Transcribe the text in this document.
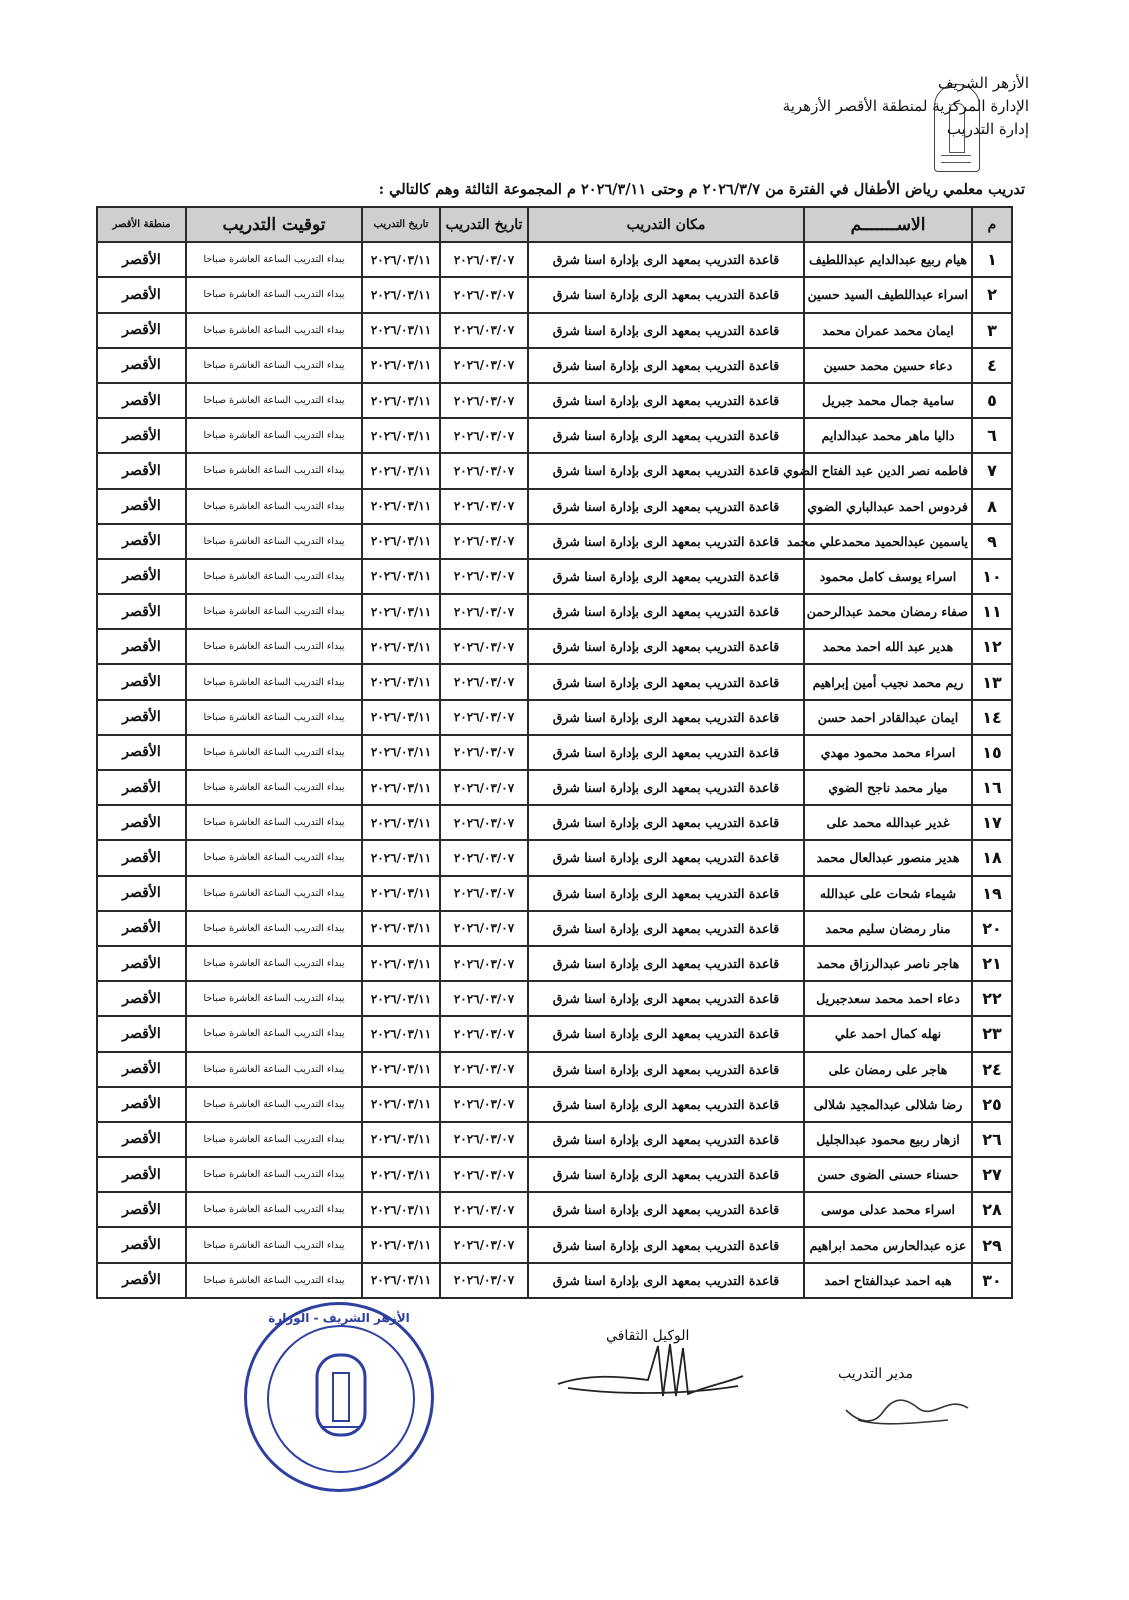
الأزهر الشريف
الإدارة المركزية لمنطقة الأقصر الأزهرية
إدارة التدريب
تدريب معلمي رياض الأطفال في الفترة من ٢٠٢٦/٣/٧ م وحتى ٢٠٢٦/٣/١١ م المجموعة الثالثة وهم كالتالي :
م	الاســـــــم	مكان التدريب	تاريخ التدريب	تاريخ التدريب	توقيت التدريب	منطقة الأقصر
١	هيام ربيع عبدالدايم عبداللطيف	قاعدة التدريب بمعهد الرى بإدارة اسنا شرق	٢٠٢٦/٠٣/٠٧	٢٠٢٦/٠٣/١١	يبداء التدريب الساعة العاشرة صباحا	الأقصر
٢	اسراء عبداللطيف السيد حسين	قاعدة التدريب بمعهد الرى بإدارة اسنا شرق	٢٠٢٦/٠٣/٠٧	٢٠٢٦/٠٣/١١	يبداء التدريب الساعة العاشرة صباحا	الأقصر
٣	ايمان محمد عمران محمد	قاعدة التدريب بمعهد الرى بإدارة اسنا شرق	٢٠٢٦/٠٣/٠٧	٢٠٢٦/٠٣/١١	يبداء التدريب الساعة العاشرة صباحا	الأقصر
٤	دعاء حسين محمد حسين	قاعدة التدريب بمعهد الرى بإدارة اسنا شرق	٢٠٢٦/٠٣/٠٧	٢٠٢٦/٠٣/١١	يبداء التدريب الساعة العاشرة صباحا	الأقصر
٥	سامية جمال محمد جبريل	قاعدة التدريب بمعهد الرى بإدارة اسنا شرق	٢٠٢٦/٠٣/٠٧	٢٠٢٦/٠٣/١١	يبداء التدريب الساعة العاشرة صباحا	الأقصر
٦	داليا ماهر محمد عبدالدايم	قاعدة التدريب بمعهد الرى بإدارة اسنا شرق	٢٠٢٦/٠٣/٠٧	٢٠٢٦/٠٣/١١	يبداء التدريب الساعة العاشرة صباحا	الأقصر
٧	فاطمه نصر الدين عبد الفتاح الضوي	قاعدة التدريب بمعهد الرى بإدارة اسنا شرق	٢٠٢٦/٠٣/٠٧	٢٠٢٦/٠٣/١١	يبداء التدريب الساعة العاشرة صباحا	الأقصر
٨	فردوس احمد عبدالباري الضوي	قاعدة التدريب بمعهد الرى بإدارة اسنا شرق	٢٠٢٦/٠٣/٠٧	٢٠٢٦/٠٣/١١	يبداء التدريب الساعة العاشرة صباحا	الأقصر
٩	ياسمين عبدالحميد محمدعلي محمد	قاعدة التدريب بمعهد الرى بإدارة اسنا شرق	٢٠٢٦/٠٣/٠٧	٢٠٢٦/٠٣/١١	يبداء التدريب الساعة العاشرة صباحا	الأقصر
١٠	اسراء يوسف كامل محمود	قاعدة التدريب بمعهد الرى بإدارة اسنا شرق	٢٠٢٦/٠٣/٠٧	٢٠٢٦/٠٣/١١	يبداء التدريب الساعة العاشرة صباحا	الأقصر
١١	صفاء رمضان محمد عبدالرحمن	قاعدة التدريب بمعهد الرى بإدارة اسنا شرق	٢٠٢٦/٠٣/٠٧	٢٠٢٦/٠٣/١١	يبداء التدريب الساعة العاشرة صباحا	الأقصر
١٢	هدير عبد الله احمد محمد	قاعدة التدريب بمعهد الرى بإدارة اسنا شرق	٢٠٢٦/٠٣/٠٧	٢٠٢٦/٠٣/١١	يبداء التدريب الساعة العاشرة صباحا	الأقصر
١٣	ريم محمد نجيب أمين إبراهيم	قاعدة التدريب بمعهد الرى بإدارة اسنا شرق	٢٠٢٦/٠٣/٠٧	٢٠٢٦/٠٣/١١	يبداء التدريب الساعة العاشرة صباحا	الأقصر
١٤	ايمان عبدالقادر احمد حسن	قاعدة التدريب بمعهد الرى بإدارة اسنا شرق	٢٠٢٦/٠٣/٠٧	٢٠٢٦/٠٣/١١	يبداء التدريب الساعة العاشرة صباحا	الأقصر
١٥	اسراء محمد محمود مهدي	قاعدة التدريب بمعهد الرى بإدارة اسنا شرق	٢٠٢٦/٠٣/٠٧	٢٠٢٦/٠٣/١١	يبداء التدريب الساعة العاشرة صباحا	الأقصر
١٦	ميار محمد ناجح الضوي	قاعدة التدريب بمعهد الرى بإدارة اسنا شرق	٢٠٢٦/٠٣/٠٧	٢٠٢٦/٠٣/١١	يبداء التدريب الساعة العاشرة صباحا	الأقصر
١٧	غدير عبدالله محمد على	قاعدة التدريب بمعهد الرى بإدارة اسنا شرق	٢٠٢٦/٠٣/٠٧	٢٠٢٦/٠٣/١١	يبداء التدريب الساعة العاشرة صباحا	الأقصر
١٨	هدير منصور عبدالعال محمد	قاعدة التدريب بمعهد الرى بإدارة اسنا شرق	٢٠٢٦/٠٣/٠٧	٢٠٢٦/٠٣/١١	يبداء التدريب الساعة العاشرة صباحا	الأقصر
١٩	شيماء شحات على عبدالله	قاعدة التدريب بمعهد الرى بإدارة اسنا شرق	٢٠٢٦/٠٣/٠٧	٢٠٢٦/٠٣/١١	يبداء التدريب الساعة العاشرة صباحا	الأقصر
٢٠	منار رمضان سليم محمد	قاعدة التدريب بمعهد الرى بإدارة اسنا شرق	٢٠٢٦/٠٣/٠٧	٢٠٢٦/٠٣/١١	يبداء التدريب الساعة العاشرة صباحا	الأقصر
٢١	هاجر ناصر عبدالرزاق محمد	قاعدة التدريب بمعهد الرى بإدارة اسنا شرق	٢٠٢٦/٠٣/٠٧	٢٠٢٦/٠٣/١١	يبداء التدريب الساعة العاشرة صباحا	الأقصر
٢٢	دعاء احمد محمد سعدجبريل	قاعدة التدريب بمعهد الرى بإدارة اسنا شرق	٢٠٢٦/٠٣/٠٧	٢٠٢٦/٠٣/١١	يبداء التدريب الساعة العاشرة صباحا	الأقصر
٢٣	نهله كمال احمد علي	قاعدة التدريب بمعهد الرى بإدارة اسنا شرق	٢٠٢٦/٠٣/٠٧	٢٠٢٦/٠٣/١١	يبداء التدريب الساعة العاشرة صباحا	الأقصر
٢٤	هاجر على رمضان على	قاعدة التدريب بمعهد الرى بإدارة اسنا شرق	٢٠٢٦/٠٣/٠٧	٢٠٢٦/٠٣/١١	يبداء التدريب الساعة العاشرة صباحا	الأقصر
٢٥	رضا شلالى عبدالمجيد شلالى	قاعدة التدريب بمعهد الرى بإدارة اسنا شرق	٢٠٢٦/٠٣/٠٧	٢٠٢٦/٠٣/١١	يبداء التدريب الساعة العاشرة صباحا	الأقصر
٢٦	ازهار ربيع محمود عبدالجليل	قاعدة التدريب بمعهد الرى بإدارة اسنا شرق	٢٠٢٦/٠٣/٠٧	٢٠٢٦/٠٣/١١	يبداء التدريب الساعة العاشرة صباحا	الأقصر
٢٧	حسناء حسنى الضوى حسن	قاعدة التدريب بمعهد الرى بإدارة اسنا شرق	٢٠٢٦/٠٣/٠٧	٢٠٢٦/٠٣/١١	يبداء التدريب الساعة العاشرة صباحا	الأقصر
٢٨	اسراء محمد عدلى موسى	قاعدة التدريب بمعهد الرى بإدارة اسنا شرق	٢٠٢٦/٠٣/٠٧	٢٠٢٦/٠٣/١١	يبداء التدريب الساعة العاشرة صباحا	الأقصر
٢٩	عزه عبدالحارس محمد ابراهيم	قاعدة التدريب بمعهد الرى بإدارة اسنا شرق	٢٠٢٦/٠٣/٠٧	٢٠٢٦/٠٣/١١	يبداء التدريب الساعة العاشرة صباحا	الأقصر
٣٠	هبه احمد عبدالفتاح احمد	قاعدة التدريب بمعهد الرى بإدارة اسنا شرق	٢٠٢٦/٠٣/٠٧	٢٠٢٦/٠٣/١١	يبداء التدريب الساعة العاشرة صباحا	الأقصر
مدير التدريب
الوكيل الثقافي
الأزهر الشريف - الوزارة
